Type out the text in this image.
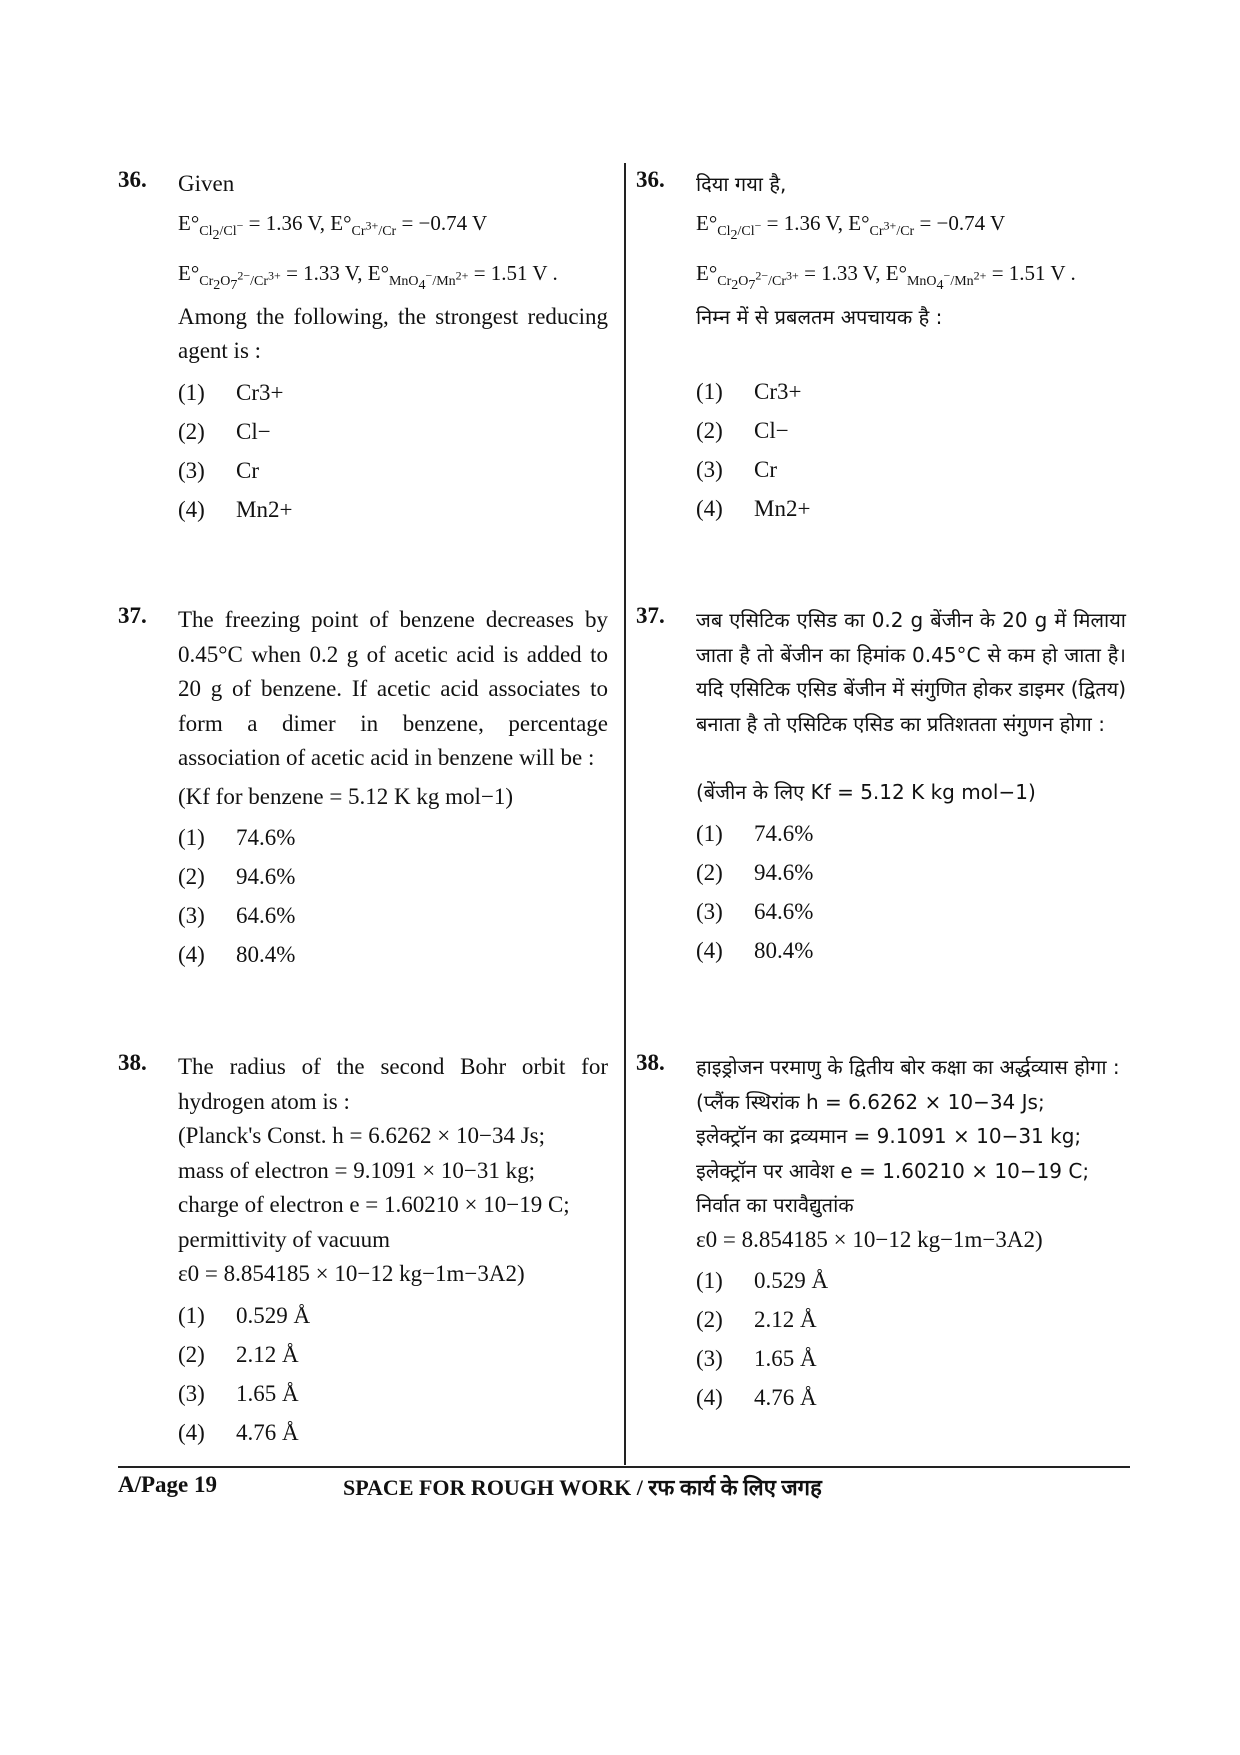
36. Given

$E^\circ_{Cl_2/Cl^-} = 1.36$ V, $E^\circ_{Cr^{3+}/Cr} = -0.74$ V
$E^\circ_{Cr_2O_7^{2-}/Cr^{3+}} = 1.33$ V, $E^\circ_{MnO_4^-/Mn^{2+}} = 1.51$ V .

Among the following, the strongest reducing agent is :

(1)	Cr3+
(2)	Cl−
(3)	Cr
(4)	Mn2+
37. The freezing point of benzene decreases by 0.45°C when 0.2 g of acetic acid is added to 20 g of benzene. If acetic acid associates to form a dimer in benzene, percentage association of acetic acid in benzene will be :

(Kf for benzene = 5.12 K kg mol−1)

(1)	74.6%
(2)	94.6%
(3)	64.6%
(4)	80.4%
38. The radius of the second Bohr orbit for hydrogen atom is :

(Planck's Const. h = 6.6262 × 10−34 Js;

mass of electron = 9.1091 × 10−31 kg;

charge of electron e = 1.60210 × 10−19 C;

permittivity of vacuum

ε0 = 8.854185 × 10−12 kg−1m−3A2)

(1)	0.529 Å
(2)	2.12 Å
(3)	1.65 Å
(4)	4.76 Å
36. दिया गया है,

$E^\circ_{Cl_2/Cl^-} = 1.36$ V, $E^\circ_{Cr^{3+}/Cr} = -0.74$ V
$E^\circ_{Cr_2O_7^{2-}/Cr^{3+}} = 1.33$ V, $E^\circ_{MnO_4^-/Mn^{2+}} = 1.51$ V .

निम्न में से प्रबलतम अपचायक है :

(1)	Cr3+
(2)	Cl−
(3)	Cr
(4)	Mn2+
37. जब एसिटिक एसिड का 0.2 g बेंजीन के 20 g में मिलाया जाता है तो बेंजीन का हिमांक 0.45°C से कम हो जाता है। यदि एसिटिक एसिड बेंजीन में संगुणित होकर डाइमर (द्वितय) बनाता है तो एसिटिक एसिड का प्रतिशतता संगुणन होगा :

(बेंजीन के लिए Kf = 5.12 K kg mol−1)

(1)	74.6%
(2)	94.6%
(3)	64.6%
(4)	80.4%
38. हाइड्रोजन परमाणु के द्वितीय बोर कक्षा का अर्द्धव्यास होगा :

(प्लैंक स्थिरांक h = 6.6262 × 10−34 Js;

इलेक्ट्रॉन का द्रव्यमान = 9.1091 × 10−31 kg;

इलेक्ट्रॉन पर आवेश e = 1.60210 × 10−19 C;

निर्वात का परावैद्युतांक

ε0 = 8.854185 × 10−12 kg−1m−3A2)

(1)	0.529 Å
(2)	2.12 Å
(3)	1.65 Å
(4)	4.76 Å
A/Page 19	SPACE FOR ROUGH WORK / रफ कार्य के लिए जगह
